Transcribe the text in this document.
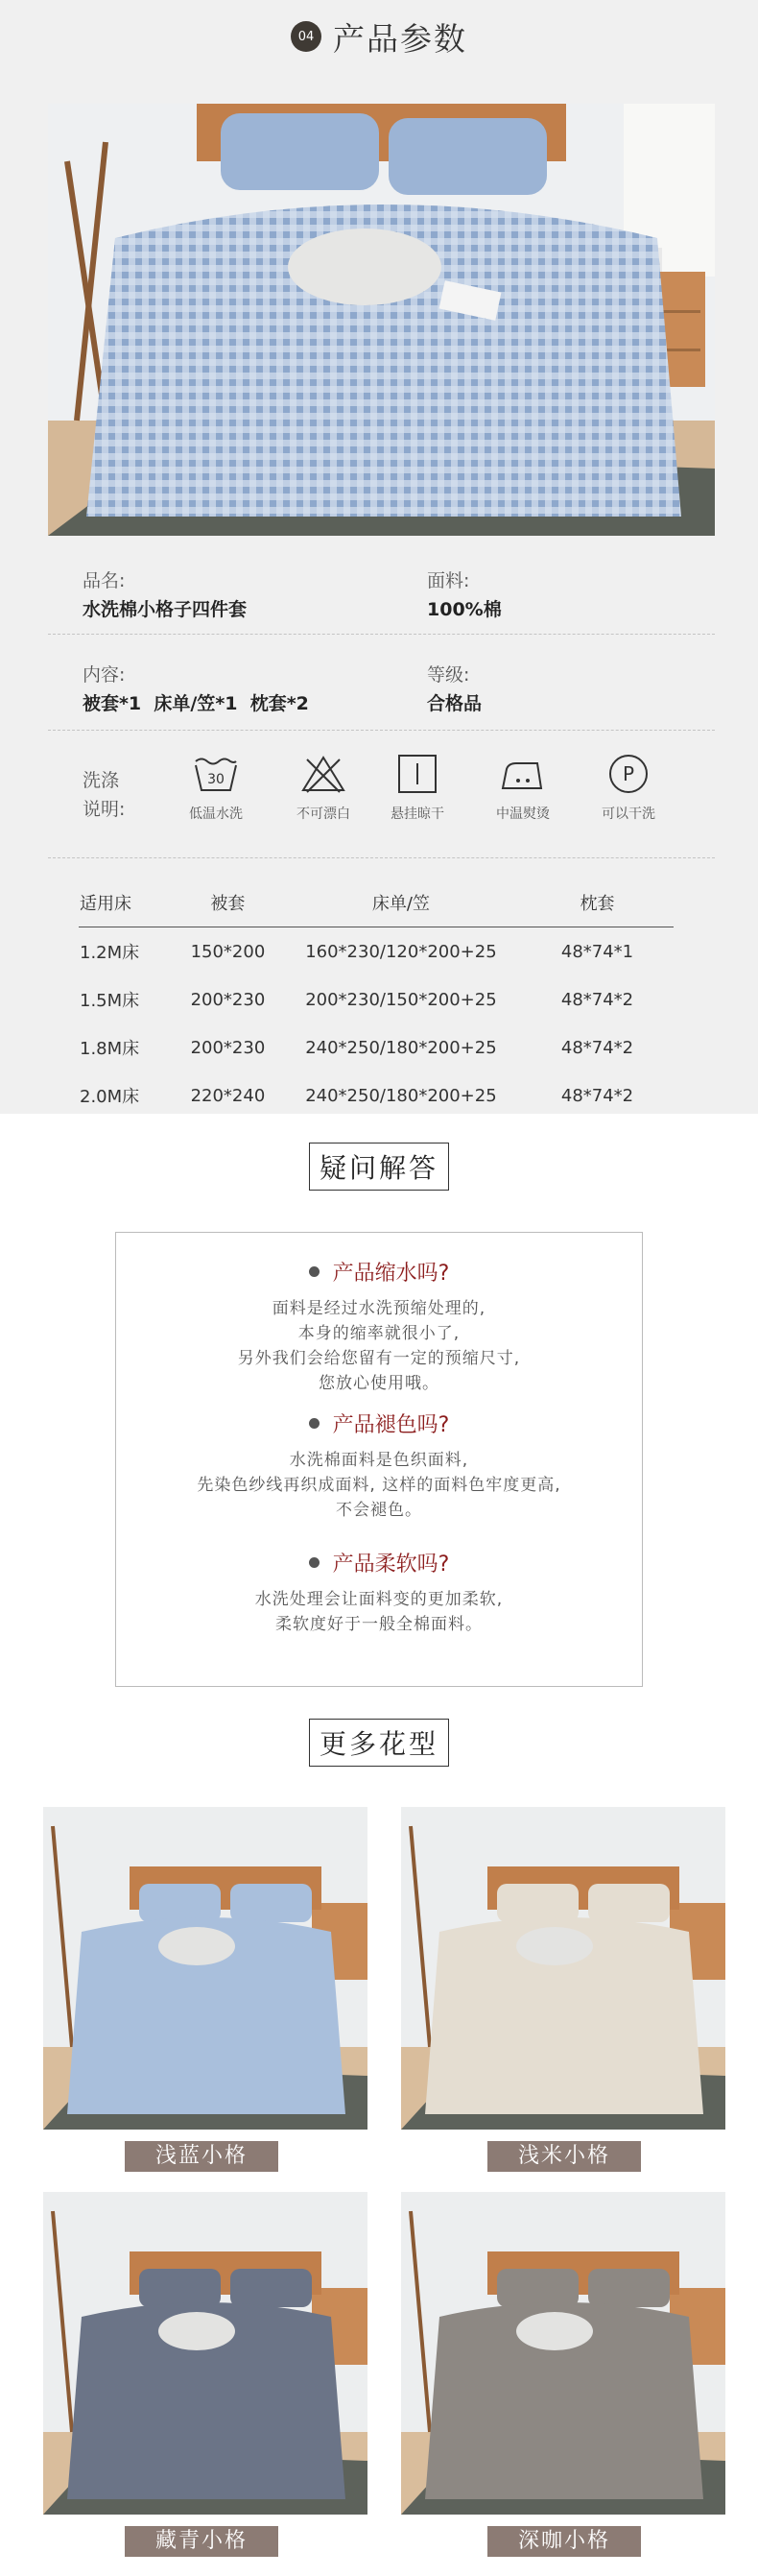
04 产品参数
品名:
水洗棉小格子四件套
面料:
100%棉
内容:
被套*1  床单/笠*1  枕套*2
等级:
合格品
洗涤
说明:
30
低温水洗	不可漂白	悬挂晾干	中温熨烫
P
可以干洗
适用床	被套	床单/笠	枕套
1.2M床	150*200	160*230/120*200+25	48*74*1
1.5M床	200*230	200*230/150*200+25	48*74*2
1.8M床	200*230	240*250/180*200+25	48*74*2
2.0M床	220*240	240*250/180*200+25	48*74*2
疑问解答
产品缩水吗?
面料是经过水洗预缩处理的,
本身的缩率就很小了,
另外我们会给您留有一定的预缩尺寸,
您放心使用哦。
产品褪色吗?
水洗棉面料是色织面料,
先染色纱线再织成面料, 这样的面料色牢度更高,
不会褪色。
产品柔软吗?
水洗处理会让面料变的更加柔软,
柔软度好于一般全棉面料。
更多花型
浅蓝小格	浅米小格
藏青小格	深咖小格
